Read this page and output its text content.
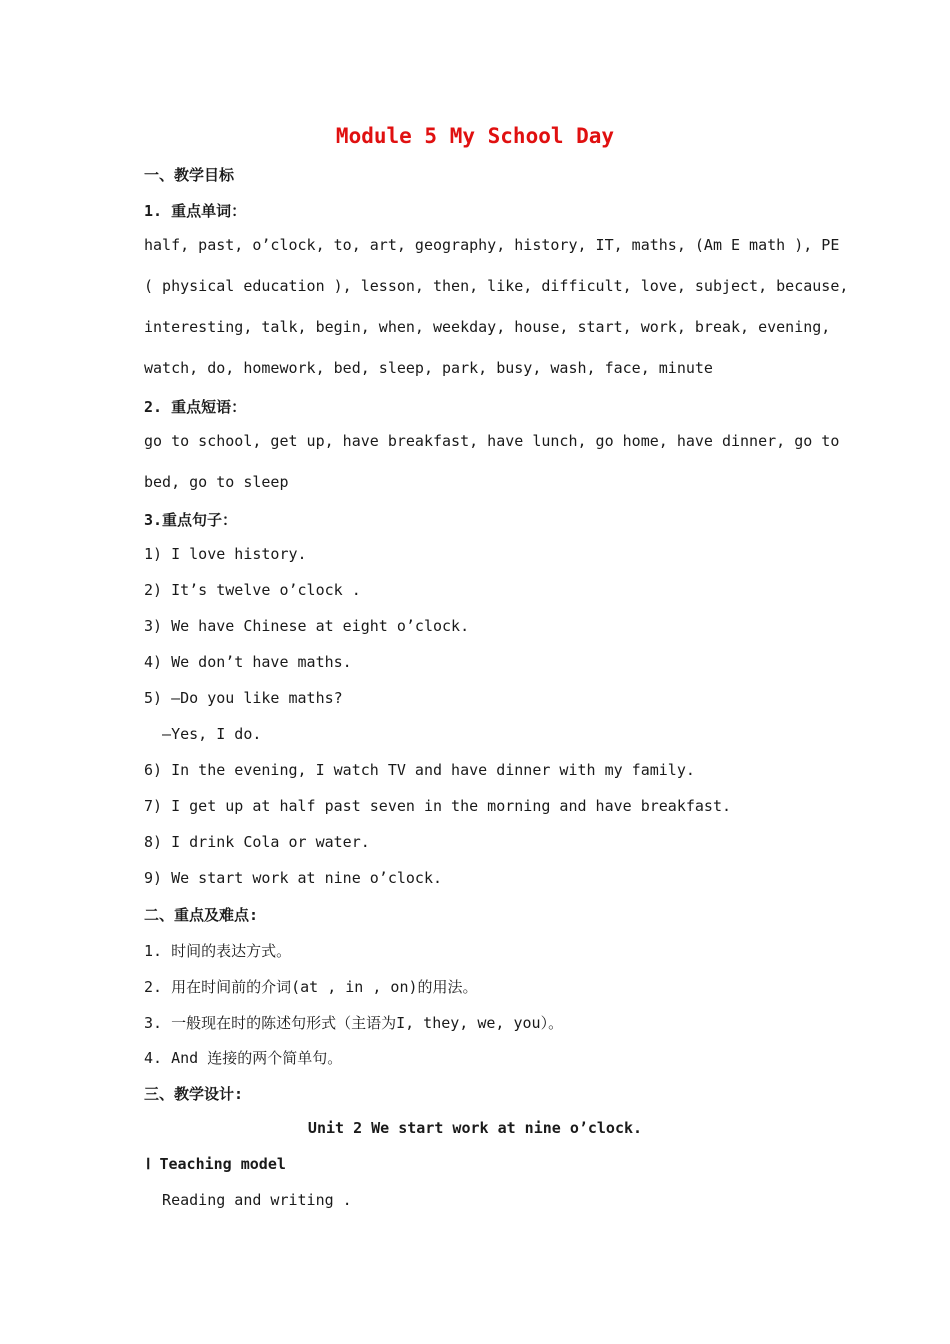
Module 5 My School Day
一、教学目标
1. 重点单词：
half, past, o’clock, to, art, geography, history, IT, maths, (Am E math ), PE
( physical education ), lesson, then, like, difficult, love, subject, because,
interesting, talk, begin, when, weekday, house, start, work, break, evening,
watch, do, homework, bed, sleep, park, busy, wash, face, minute
2. 重点短语：
go to school, get up, have breakfast, have lunch, go home, have dinner, go to
bed, go to sleep
3.重点句子：
1) I love history.
2) It’s twelve o’clock .
3) We have Chinese at eight o’clock.
4) We don’t have maths.
5) —Do you like maths?
—Yes, I do.
6) In the evening, I watch TV and have dinner with my family.
7) I get up at half past seven in the morning and have breakfast.
8) I drink Cola or water.
9) We start work at nine o’clock.
二、重点及难点:
1. 时间的表达方式。
2. 用在时间前的介词(at , in , on)的用法。
3. 一般现在时的陈述句形式（主语为I, they, we, you）。
4. And 连接的两个简单句。
三、教学设计:
Unit 2 We start work at nine o’clock.
Ⅰ Teaching model
Reading and writing .
